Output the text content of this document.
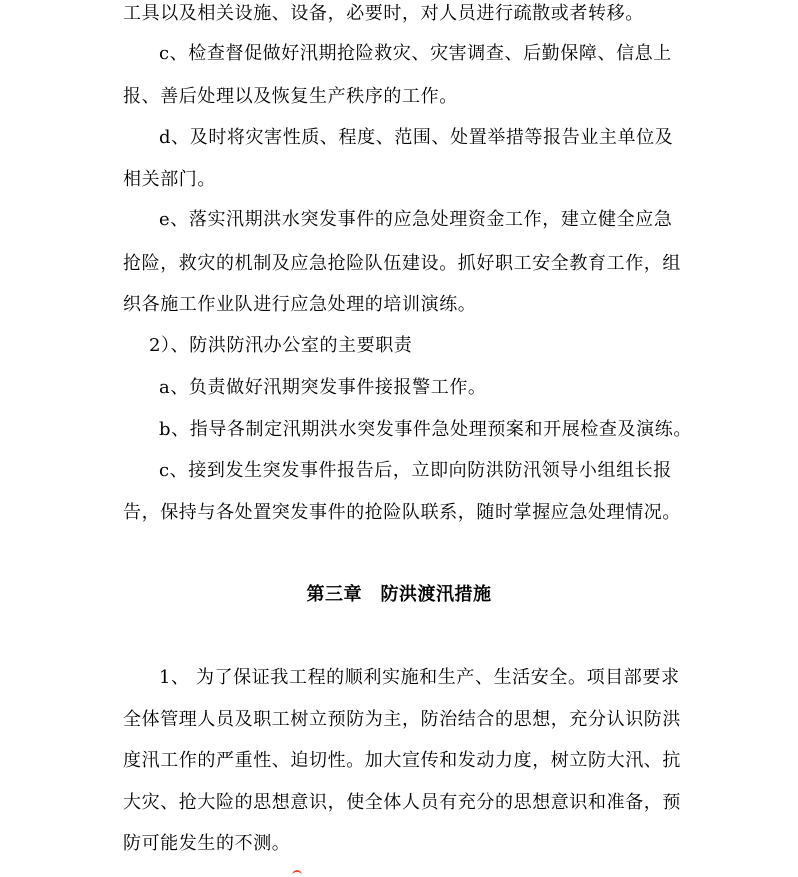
工具以及相关设施、设备，必要时，对人员进行疏散或者转移。
c、检查督促做好汛期抢险救灾、灾害调查、后勤保障、信息上
报、善后处理以及恢复生产秩序的工作。
d、及时将灾害性质、程度、范围、处置举措等报告业主单位及
相关部门。
e、落实汛期洪水突发事件的应急处理资金工作，建立健全应急
抢险，救灾的机制及应急抢险队伍建设。抓好职工安全教育工作，组
织各施工作业队进行应急处理的培训演练。
2）、防洪防汛办公室的主要职责
a、负责做好汛期突发事件接报警工作。
b、指导各制定汛期洪水突发事件急处理预案和开展检查及演练。
c、接到发生突发事件报告后，立即向防洪防汛领导小组组长报
告，保持与各处置突发事件的抢险队联系，随时掌握应急处理情况。
第三章　防洪渡汛措施
1、 为了保证我工程的顺利实施和生产、生活安全。项目部要求
全体管理人员及职工树立预防为主，防治结合的思想，充分认识防洪
度汛工作的严重性、迫切性。加大宣传和发动力度，树立防大汛、抗
大灾、抢大险的思想意识，使全体人员有充分的思想意识和准备，预
防可能发生的不测。
